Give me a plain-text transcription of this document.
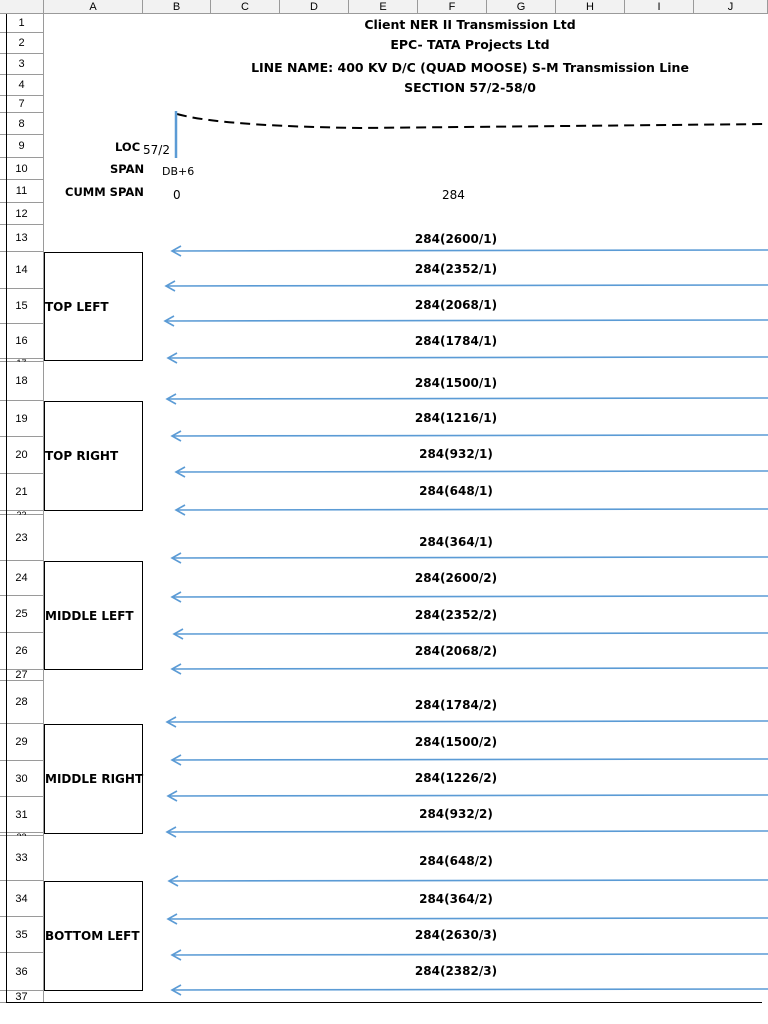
A	B	C	D	E	F	G	H	I	J
1
2
3
4
7
8
9
10
11
12
13
14
15
16
18
19
20
21
23
24
25
26
27
28
29
30
31
33
34
35
36
37
Client NER II Transmission Ltd
EPC- TATA Projects Ltd
LINE NAME: 400 KV D/C (QUAD MOOSE) S-M Transmission Line
SECTION 57/2-58/0
LOC 57/2
SPAN DB+6
CUMM SPAN 0	284
TOP LEFT
TOP RIGHT
MIDDLE LEFT
MIDDLE RIGHT
BOTTOM LEFT
284(2600/1)
284(2352/1)
284(2068/1)
284(1784/1)
284(1500/1)
284(1216/1)
284(932/1)
284(648/1)
284(364/1)
284(2600/2)
284(2352/2)
284(2068/2)
284(1784/2)
284(1500/2)
284(1226/2)
284(932/2)
284(648/2)
284(364/2)
284(2630/3)
284(2382/3)
